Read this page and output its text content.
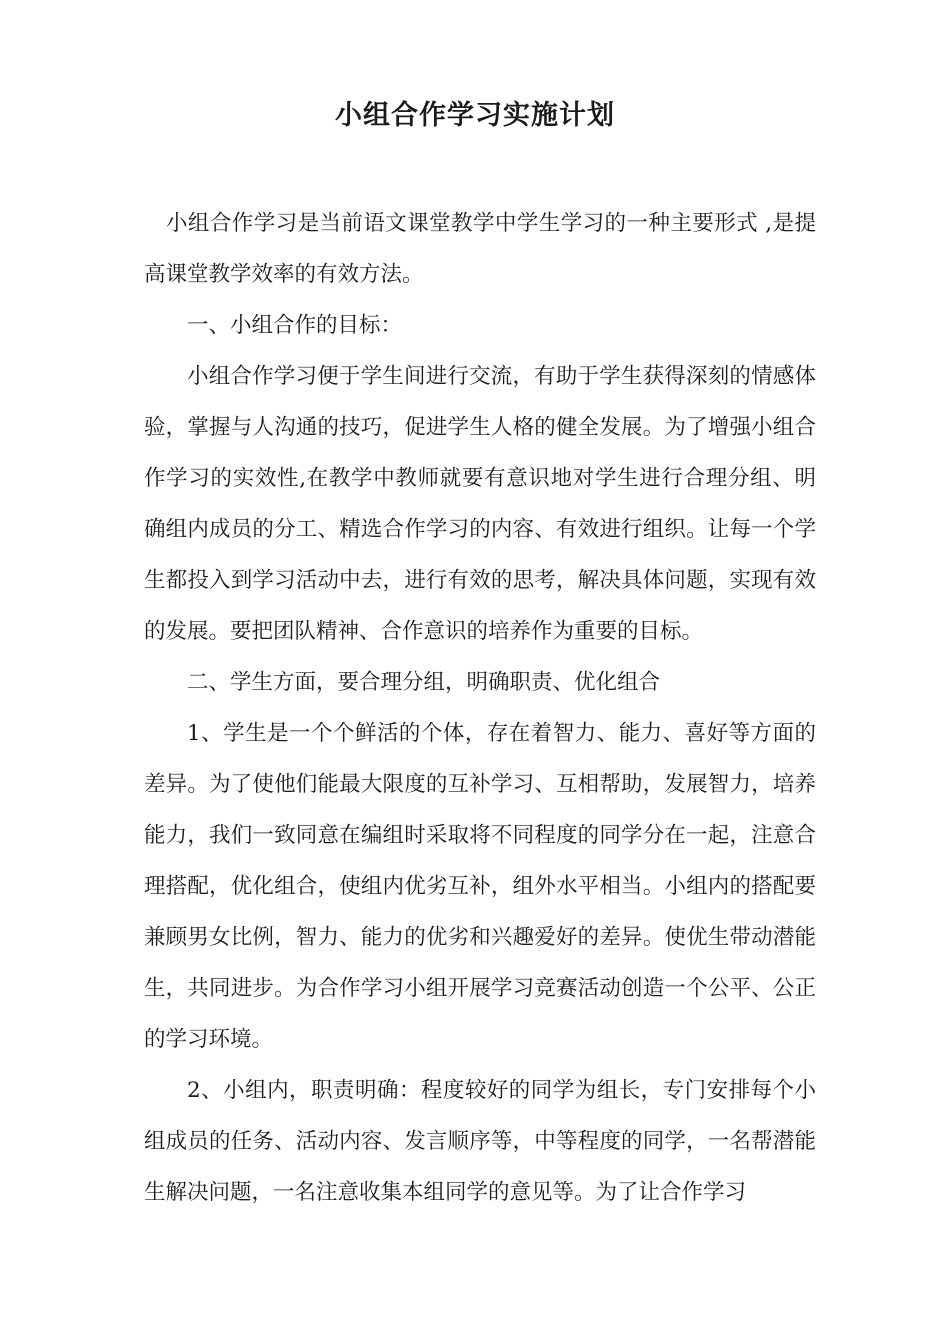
小组合作学习实施计划

小组合作学习是当前语文课堂教学中学生学习的一种主要形式 ,是提高课堂教学效率的有效方法。

一、小组合作的目标：

小组合作学习便于学生间进行交流，有助于学生获得深刻的情感体验，掌握与人沟通的技巧，促进学生人格的健全发展。为了增强小组合作学习的实效性,在教学中教师就要有意识地对学生进行合理分组、明确组内成员的分工、精选合作学习的内容、有效进行组织。让每一个学生都投入到学习活动中去，进行有效的思考，解决具体问题，实现有效的发展。要把团队精神、合作意识的培养作为重要的目标。

二、学生方面，要合理分组，明确职责、优化组合

1、学生是一个个鲜活的个体，存在着智力、能力、喜好等方面的差异。为了使他们能最大限度的互补学习、互相帮助，发展智力，培养能力，我们一致同意在编组时采取将不同程度的同学分在一起，注意合理搭配，优化组合，使组内优劣互补，组外水平相当。小组内的搭配要兼顾男女比例，智力、能力的优劣和兴趣爱好的差异。使优生带动潜能生，共同进步。为合作学习小组开展学习竞赛活动创造一个公平、公正的学习环境。

2、小组内，职责明确：程度较好的同学为组长，专门安排每个小组成员的任务、活动内容、发言顺序等，中等程度的同学，一名帮潜能生解决问题，一名注意收集本组同学的意见等。为了让合作学习
